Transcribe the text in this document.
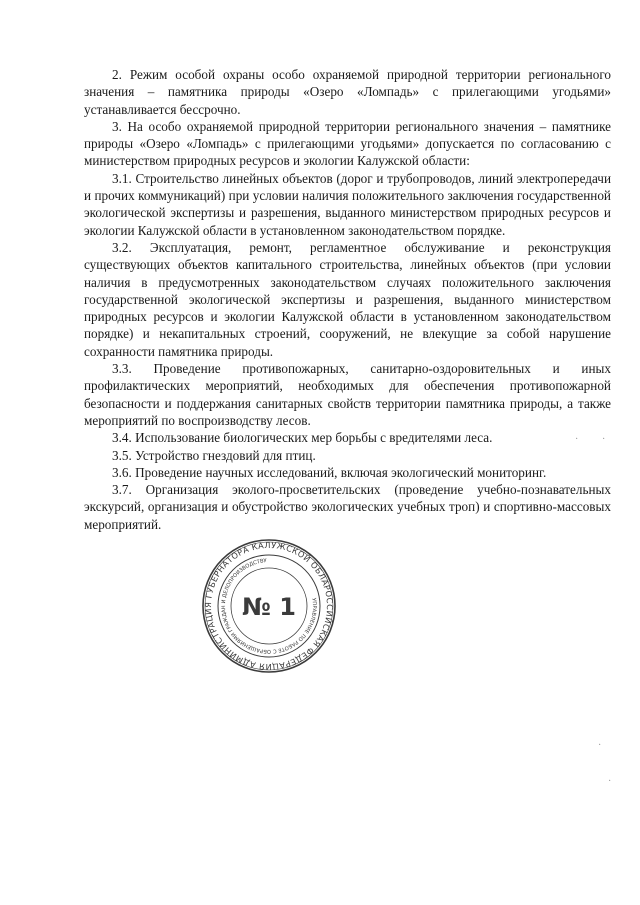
2. Режим особой охраны особо охраняемой природной территории регионального значения – памятника природы «Озеро «Ломпадь» с прилегающими угодьями» устанавливается бессрочно.

3. На особо охраняемой природной территории регионального значения – памятнике природы «Озеро «Ломпадь» с прилегающими угодьями» допускается по согласованию с министерством природных ресурсов и экологии Калужской области:

3.1. Строительство линейных объектов (дорог и трубопроводов, линий электропередачи и прочих коммуникаций) при условии наличия положительного заключения государственной экологической экспертизы и разрешения, выданного министерством природных ресурсов и экологии Калужской области в установленном законодательством порядке.

3.2. Эксплуатация, ремонт, регламентное обслуживание и реконструкция существующих объектов капитального строительства, линейных объектов (при условии наличия в предусмотренных законодательством случаях положительного заключения государственной экологической экспертизы и разрешения, выданного министерством природных ресурсов и экологии Калужской области в установленном законодательством порядке) и некапитальных строений, сооружений, не влекущие за собой нарушение сохранности памятника природы.

3.3. Проведение противопожарных, санитарно-оздоровительных и иных профилактических мероприятий, необходимых для обеспечения противопожарной безопасности и поддержания санитарных свойств территории памятника природы, а также мероприятий по воспроизводству лесов.

3.4. Использование биологических мер борьбы с вредителями леса.

3.5. Устройство гнездовий для птиц.

3.6. Проведение научных исследований, включая экологический мониторинг.

3.7. Организация эколого-просветительских (проведение учебно-познавательных экскурсий, организация и обустройство экологических учебных троп) и спортивно-массовых мероприятий.

РОССИЙСКАЯ ФЕДЕРАЦИЯ АДМИНИСТРАЦИЯ ГУБЕРНАТОРА КАЛУЖСКОЙ ОБЛАСТИ
УПРАВЛЕНИЕ ПО РАБОТЕ С ОБРАЩЕНИЯМИ ГРАЖДАН И ДЕЛОПРОИЗВОДСТВУ
№ 1
· ·
·
·
